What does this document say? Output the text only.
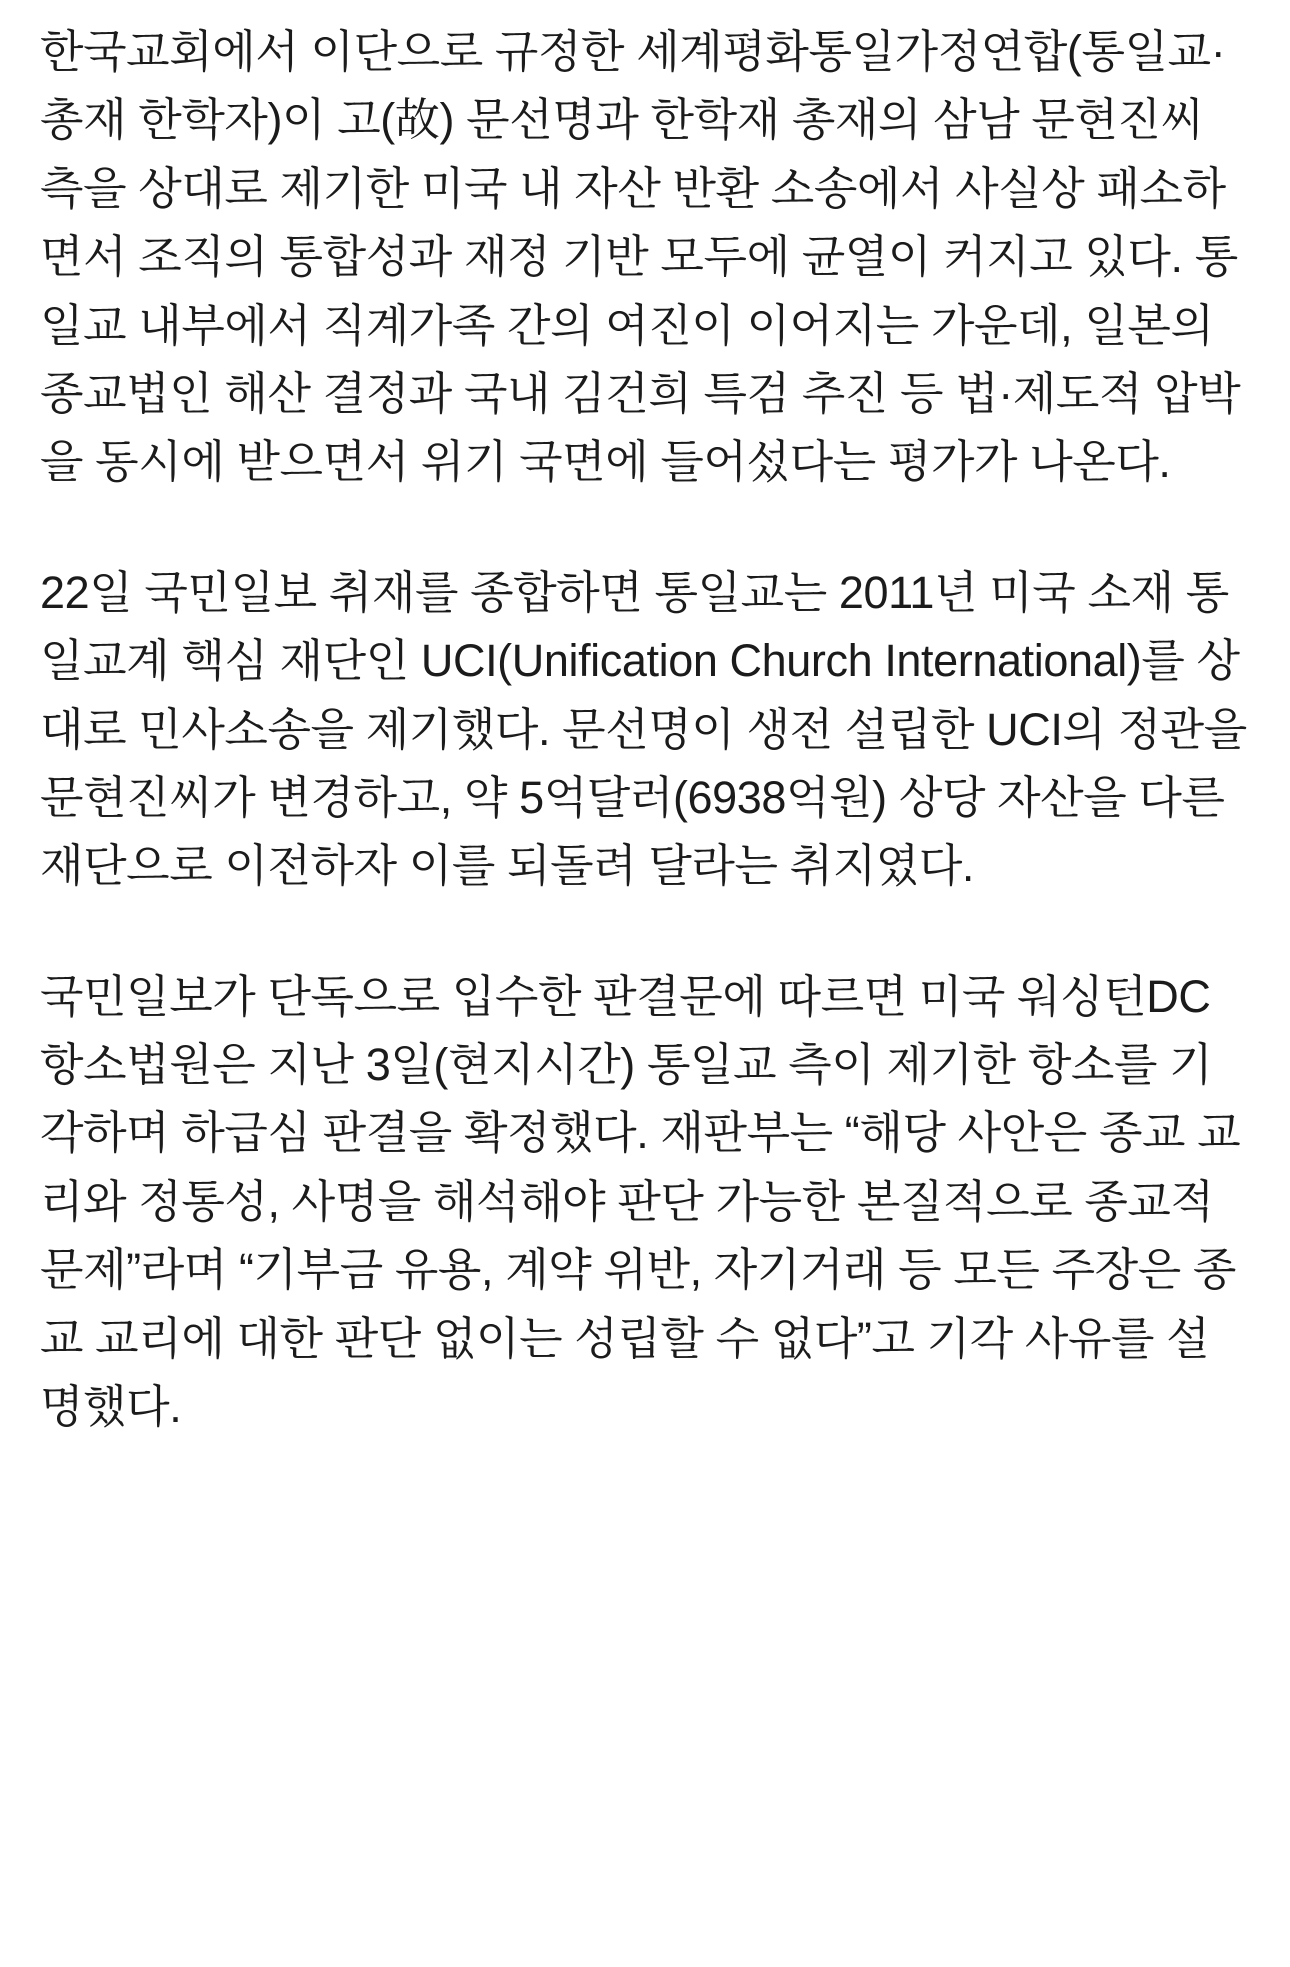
한국교회에서 이단으로 규정한 세계평화통일가정연합(통일교·총재 한학자)이 고(故) 문선명과 한학재 총재의 삼남 문현진씨 측을 상대로 제기한 미국 내 자산 반환 소송에서 사실상 패소하면서 조직의 통합성과 재정 기반 모두에 균열이 커지고 있다. 통일교 내부에서 직계가족 간의 여진이 이어지는 가운데, 일본의 종교법인 해산 결정과 국내 김건희 특검 추진 등 법·제도적 압박을 동시에 받으면서 위기 국면에 들어섰다는 평가가 나온다.

22일 국민일보 취재를 종합하면 통일교는 2011년 미국 소재 통일교계 핵심 재단인 UCI(Unification Church International)를 상대로 민사소송을 제기했다. 문선명이 생전 설립한 UCI의 정관을 문현진씨가 변경하고, 약 5억달러(6938억원) 상당 자산을 다른 재단으로 이전하자 이를 되돌려 달라는 취지였다.

국민일보가 단독으로 입수한 판결문에 따르면 미국 워싱턴DC 항소법원은 지난 3일(현지시간) 통일교 측이 제기한 항소를 기각하며 하급심 판결을 확정했다. 재판부는 “해당 사안은 종교 교리와 정통성, 사명을 해석해야 판단 가능한 본질적으로 종교적 문제”라며 “기부금 유용, 계약 위반, 자기거래 등 모든 주장은 종교 교리에 대한 판단 없이는 성립할 수 없다”고 기각 사유를 설명했다.
